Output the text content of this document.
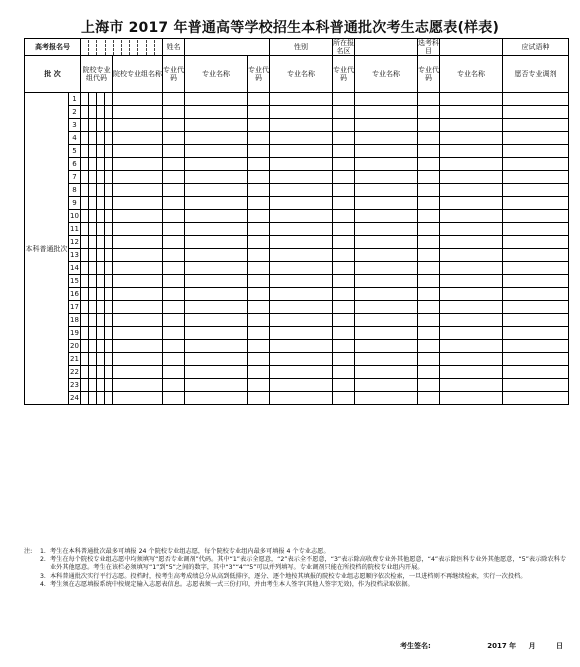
上海市 2017 年普通高等学校招生本科普通批次考生志愿表(样表)
高考报名号							姓名			性别	所在报名区		选考科目		应试语种
批 次		院校专业组代码				院校专业组名称	专业代码	专业名称	专业代码	专业名称	专业代码	专业名称	专业代码	专业名称	愿否专业调剂
本科普通批次	1														
	2														
	3														
	4														
	5														
	6														
	7														
	8														
	9														
	10														
	11														
	12														
	13														
	14														
	15														
	16														
	17														
	18														
	19														
	20														
	21														
	22														
	23														
	24														
注: 1. 考生在本科普通批次最多可填报 24 个院校专业组志愿，每个院校专业组内最多可填报 4 个专业志愿。
2. 考生在每个院校专业组志愿中均须填写“愿否专业调剂”代码。其中“1”表示全愿意，“2”表示全不愿意，“3”表示除高收费专业外其他愿意，“4”表示除医科专业外其他愿意，“5”表示除农科专业外其他愿意。考生在该栏必须填写“1”到“5”之间的数字，其中“3”“4”“5”可以并列填写。专业调剂只能在所投档的院校专业组内开展。
3. 本科普通批次实行平行志愿。投档时，按考生高考成绩总分从高到低排序，逐分、逐个地按其填报的院校专业组志愿顺序依次检索，一旦进档则不再继续检索，实行一次投档。
4. 考生须在志愿填报系统中按规定输入志愿表信息。志愿表须一式三份打印，并由考生本人签字(其他人签字无效)，作为投档录取依据。
考生签名:	2017 年 月	日
